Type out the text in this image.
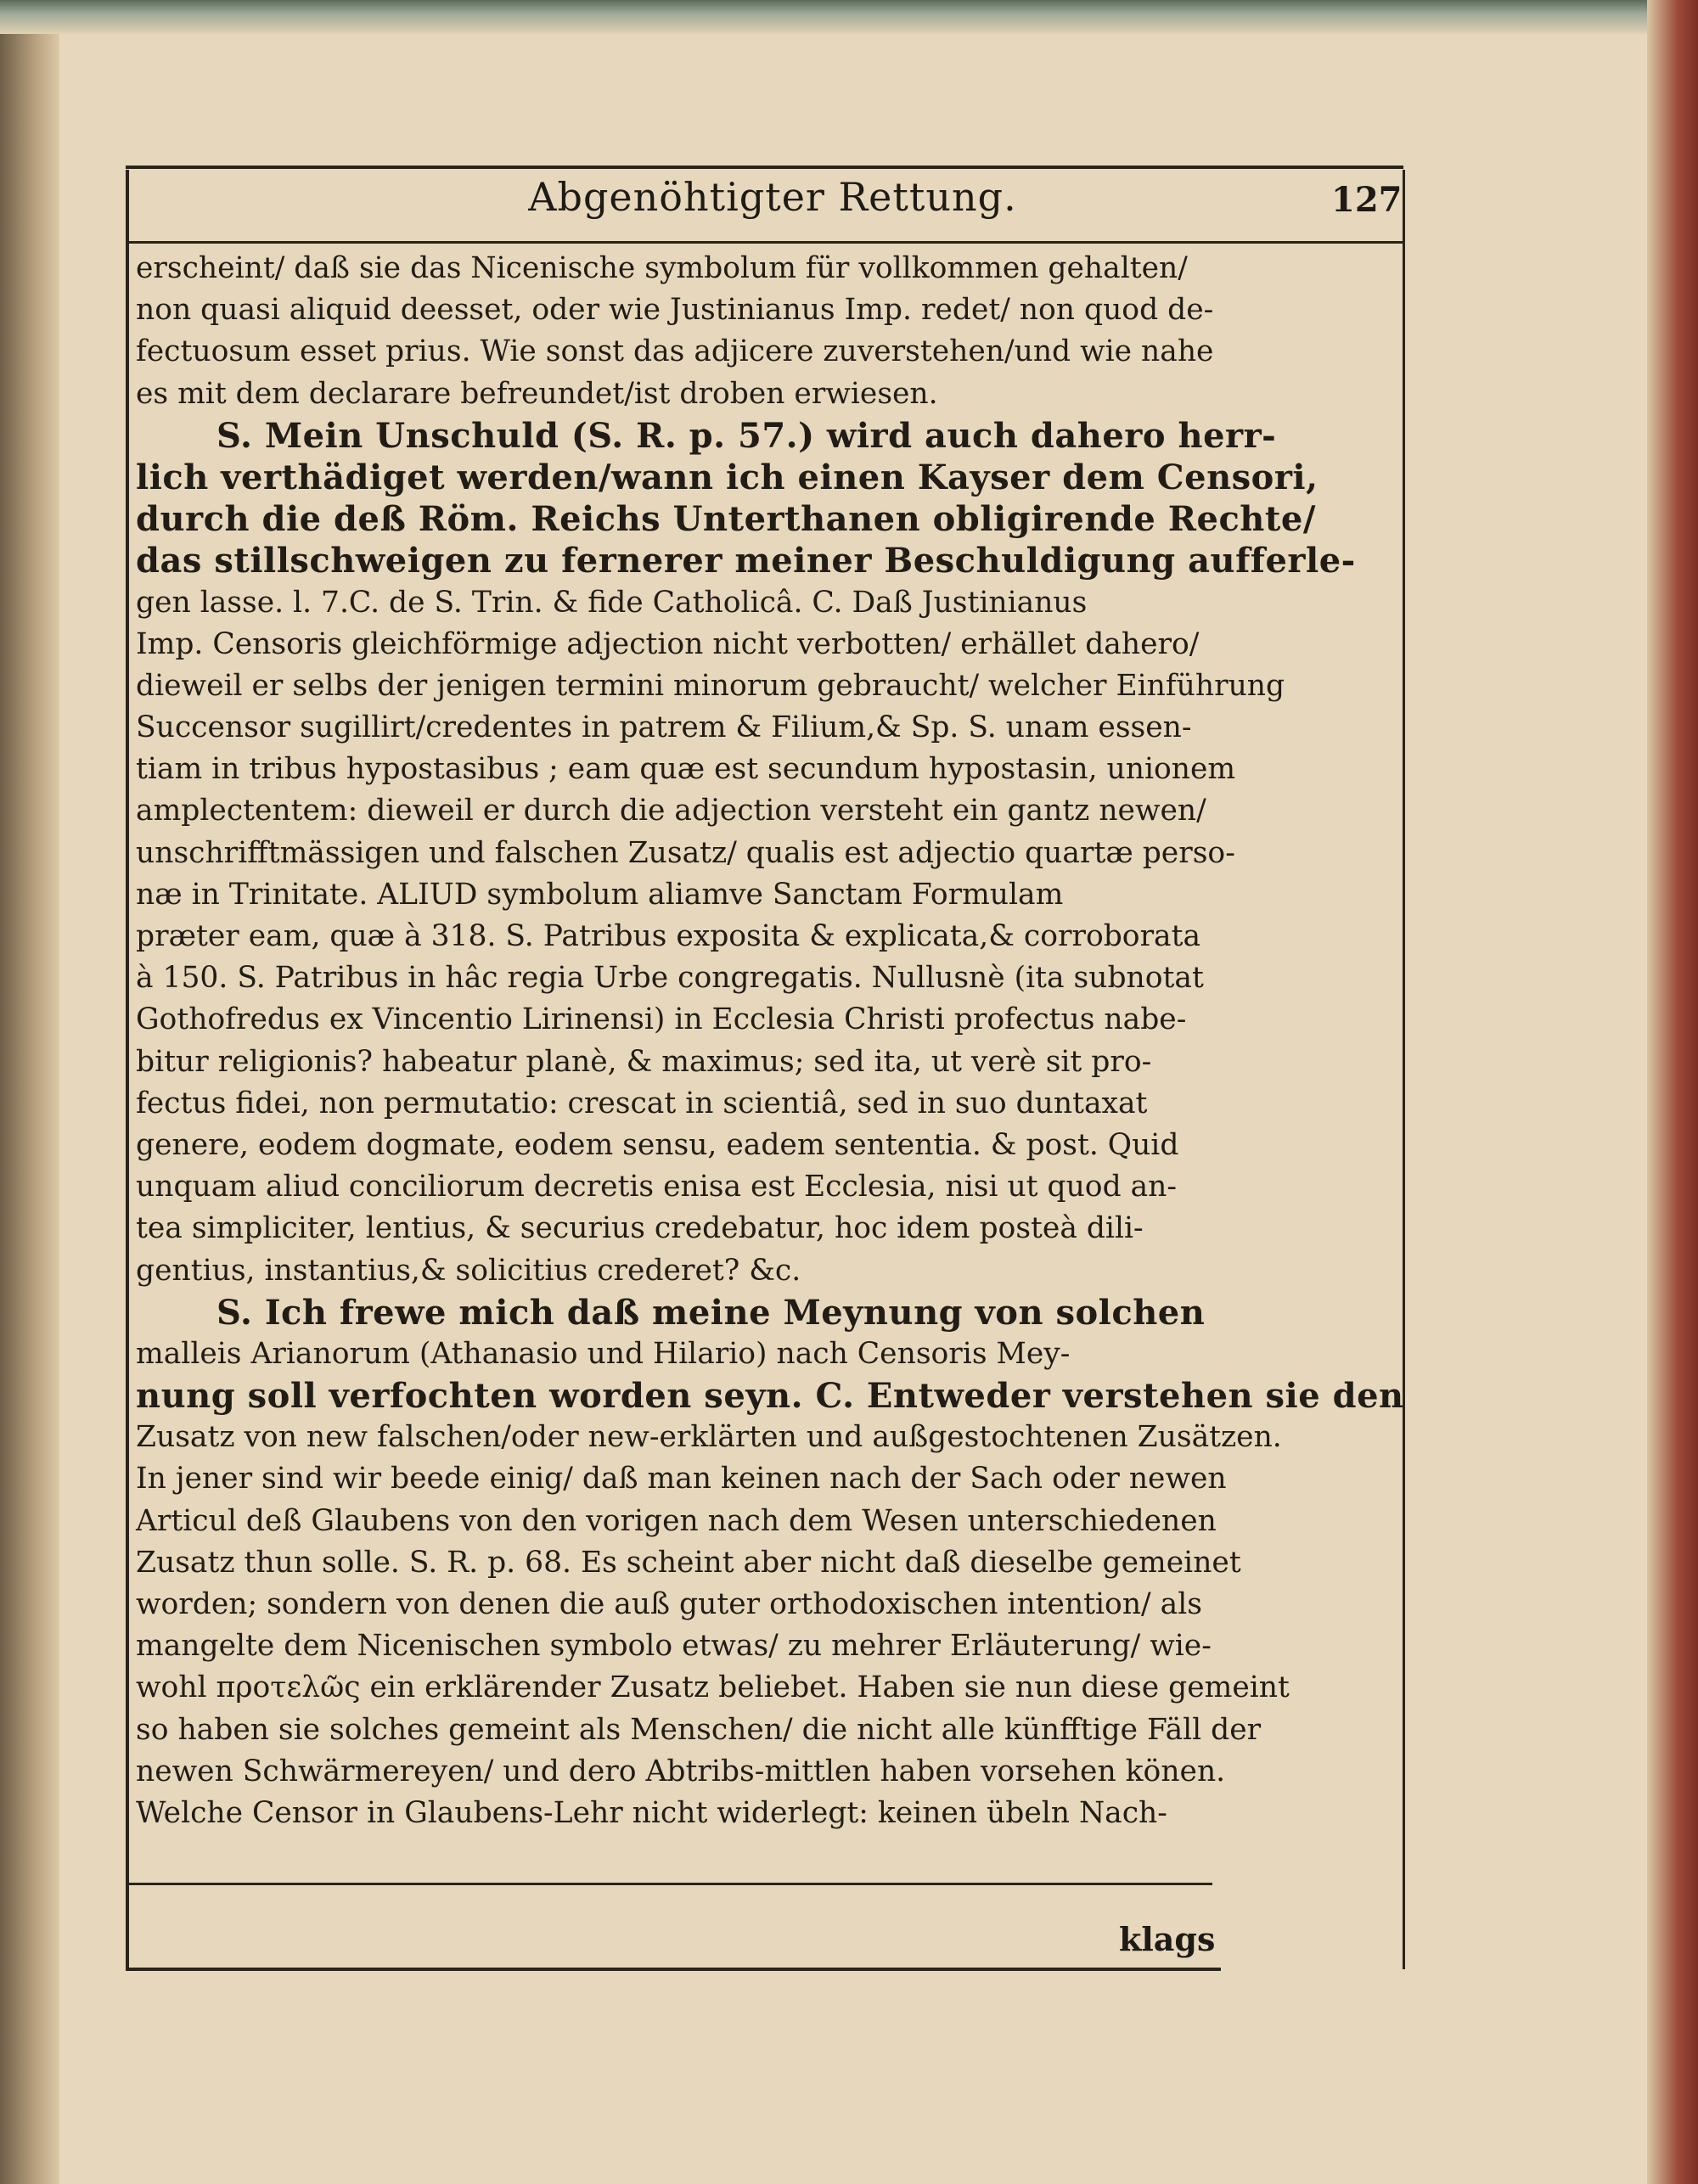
Abgenöhtigter Rettung.	127
erscheint/ daß sie das Nicenische symbolum für vollkommen gehalten/
non quasi aliquid deesset, oder wie Justinianus Imp. redet/ non quod de-
fectuosum esset prius. Wie sonst das adjicere zuverstehen/und wie nahe
es mit dem declarare befreundet/ist droben erwiesen.
S. Mein Unschuld (S. R. p. 57.) wird auch dahero herr-
lich verthädiget werden/wann ich einen Kayser dem Censori,
durch die deß Röm. Reichs Unterthanen obligirende Rechte/
das stillschweigen zu fernerer meiner Beschuldigung aufferle-
gen lasse. l. 7.C. de S. Trin. & fide Catholicâ. C. Daß Justinianus
Imp. Censoris gleichförmige adjection nicht verbotten/ erhället dahero/
dieweil er selbs der jenigen termini minorum gebraucht/ welcher Einführung
Succensor sugillirt/credentes in patrem & Filium,& Sp. S. unam essen-
tiam in tribus hypostasibus ; eam quæ est secundum hypostasin, unionem
amplectentem: dieweil er durch die adjection versteht ein gantz newen/
unschrifftmässigen und falschen Zusatz/ qualis est adjectio quartæ perso-
næ in Trinitate. ALIUD symbolum aliamve Sanctam Formulam
præter eam, quæ à 318. S. Patribus exposita & explicata,& corroborata
à 150. S. Patribus in hâc regia Urbe congregatis. Nullusnè (ita subnotat
Gothofredus ex Vincentio Lirinensi) in Ecclesia Christi profectus nabe-
bitur religionis? habeatur planè, & maximus; sed ita, ut verè sit pro-
fectus fidei, non permutatio: crescat in scientiâ, sed in suo duntaxat
genere, eodem dogmate, eodem sensu, eadem sententia. & post. Quid
unquam aliud conciliorum decretis enisa est Ecclesia, nisi ut quod an-
tea simpliciter, lentius, & securius credebatur, hoc idem posteà dili-
gentius, instantius,& solicitius crederet? &c.
S. Ich frewe mich daß meine Meynung von solchen
malleis Arianorum (Athanasio und Hilario) nach Censoris Mey-
nung soll verfochten worden seyn. C. Entweder verstehen sie den
Zusatz von new falschen/oder new-erklärten und außgestochtenen Zusätzen.
In jener sind wir beede einig/ daß man keinen nach der Sach oder newen
Articul deß Glaubens von den vorigen nach dem Wesen unterschiedenen
Zusatz thun solle. S. R. p. 68. Es scheint aber nicht daß dieselbe gemeinet
worden; sondern von denen die auß guter orthodoxischen intention/ als
mangelte dem Nicenischen symbolo etwas/ zu mehrer Erläuterung/ wie-
wohl προτελῶς ein erklärender Zusatz beliebet. Haben sie nun diese gemeint
so haben sie solches gemeint als Menschen/ die nicht alle künfftige Fäll der
newen Schwärmereyen/ und dero Abtribs-mittlen haben vorsehen könen.
Welche Censor in Glaubens-Lehr nicht widerlegt: keinen übeln Nach-
klags
